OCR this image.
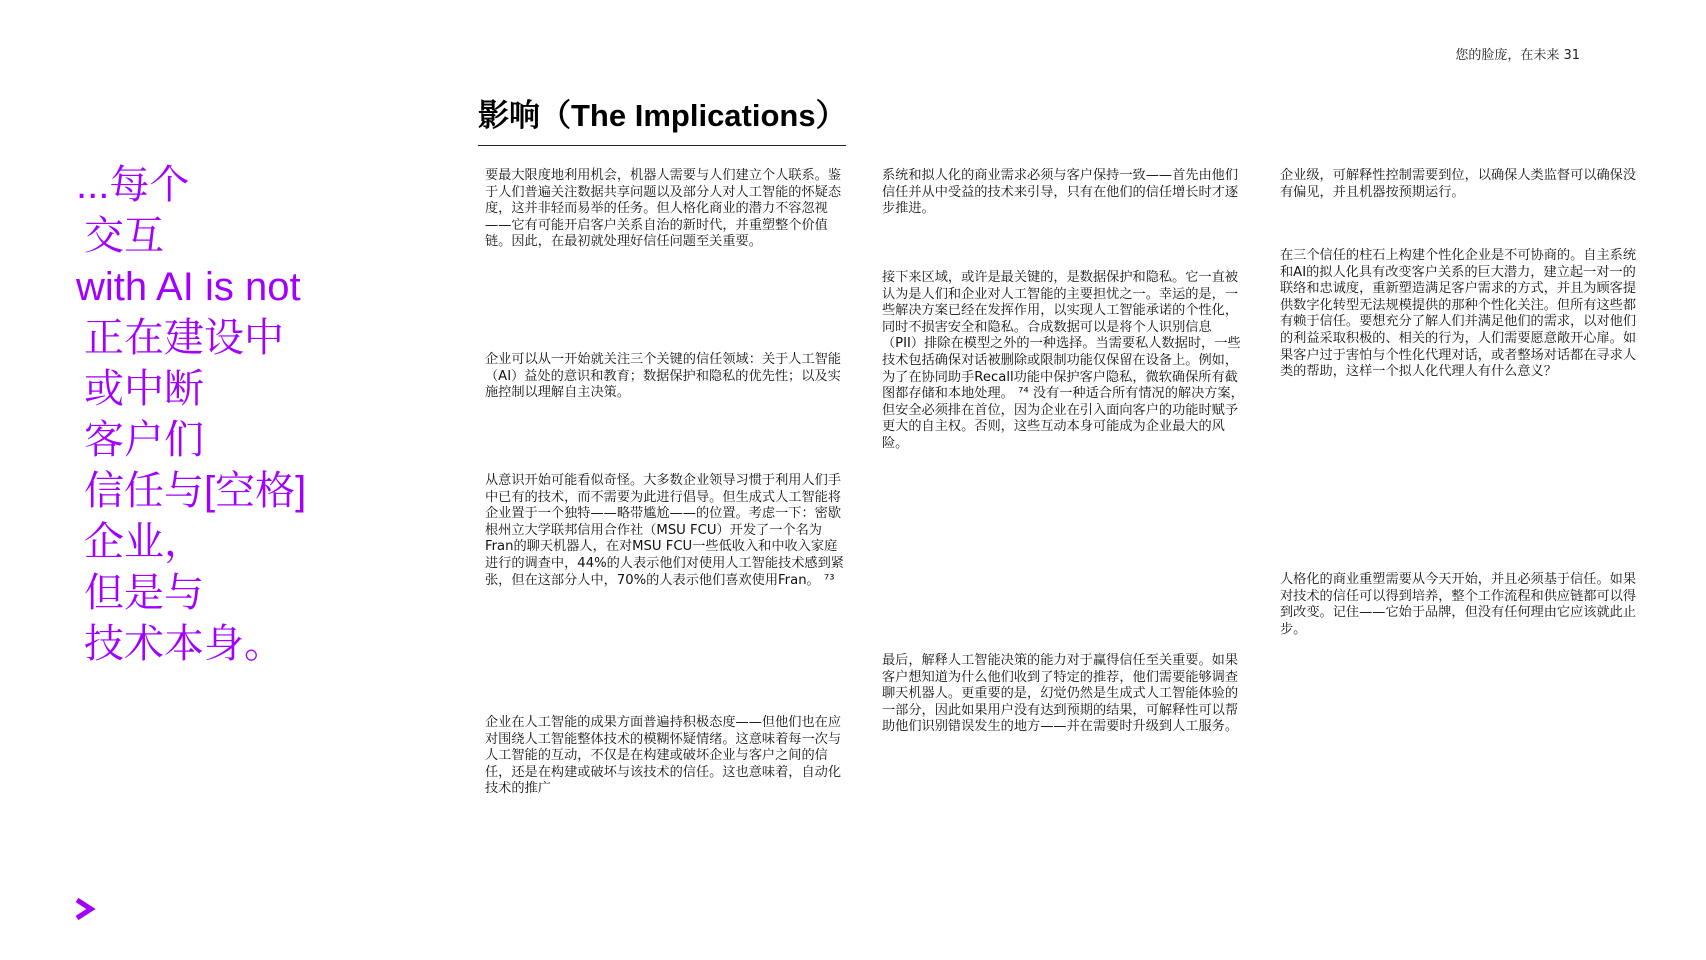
您的脸庞，在未来 31
...每个
交互
with AI is not
正在建设中
或中断
客户们
信任与[空格]
企业，
但是与
技术本身。
影响（The Implications）

要最大限度地利用机会，机器人需要与人们建立个人联系。鉴于人们普遍关注数据共享问题以及部分人对人工智能的怀疑态度，这并非轻而易举的任务。但人格化商业的潜力不容忽视——它有可能开启客户关系自治的新时代，并重塑整个价值链。因此，在最初就处理好信任问题至关重要。

企业可以从一开始就关注三个关键的信任领域：关于人工智能（AI）益处的意识和教育；数据保护和隐私的优先性；以及实施控制以理解自主决策。

从意识开始可能看似奇怪。大多数企业领导习惯于利用人们手中已有的技术，而不需要为此进行倡导。但生成式人工智能将企业置于一个独特——略带尴尬——的位置。考虑一下：密歇根州立大学联邦信用合作社（MSU FCU）开发了一个名为Fran的聊天机器人，在对MSU FCU一些低收入和中收入家庭进行的调查中，44%的人表示他们对使用人工智能技术感到紧张，但在这部分人中，70%的人表示他们喜欢使用Fran。 ⁷³

企业在人工智能的成果方面普遍持积极态度——但他们也在应对围绕人工智能整体技术的模糊怀疑情绪。这意味着每一次与人工智能的互动，不仅是在构建或破坏企业与客户之间的信任，还是在构建或破坏与该技术的信任。这也意味着，自动化技术的推广

系统和拟人化的商业需求必须与客户保持一致——首先由他们信任并从中受益的技术来引导，只有在他们的信任增长时才逐步推进。

接下来区域，或许是最关键的，是数据保护和隐私。它一直被认为是人们和企业对人工智能的主要担忧之一。幸运的是，一些解决方案已经在发挥作用，以实现人工智能承诺的个性化，同时不损害安全和隐私。合成数据可以是将个人识别信息（PII）排除在模型之外的一种选择。当需要私人数据时，一些技术包括确保对话被删除或限制功能仅保留在设备上。例如，为了在协同助手Recall功能中保护客户隐私，微软确保所有截图都存储和本地处理。 ⁷⁴ 没有一种适合所有情况的解决方案，但安全必须排在首位，因为企业在引入面向客户的功能时赋予更大的自主权。否则，这些互动本身可能成为企业最大的风险。

最后，解释人工智能决策的能力对于赢得信任至关重要。如果客户想知道为什么他们收到了特定的推荐，他们需要能够调查聊天机器人。更重要的是，幻觉仍然是生成式人工智能体验的一部分，因此如果用户没有达到预期的结果，可解释性可以帮助他们识别错误发生的地方——并在需要时升级到人工服务。

企业级，可解释性控制需要到位，以确保人类监督可以确保没有偏见，并且机器按预期运行。

在三个信任的柱石上构建个性化企业是不可协商的。自主系统和AI的拟人化具有改变客户关系的巨大潜力，建立起一对一的联络和忠诚度，重新塑造满足客户需求的方式，并且为顾客提供数字化转型无法规模提供的那种个性化关注。但所有这些都有赖于信任。要想充分了解人们并满足他们的需求，以对他们的利益采取积极的、相关的行为，人们需要愿意敞开心扉。如果客户过于害怕与个性化代理对话，或者整场对话都在寻求人类的帮助，这样一个拟人化代理人有什么意义？

人格化的商业重塑需要从今天开始，并且必须基于信任。如果对技术的信任可以得到培养，整个工作流程和供应链都可以得到改变。记住——它始于品牌，但没有任何理由它应该就此止步。
